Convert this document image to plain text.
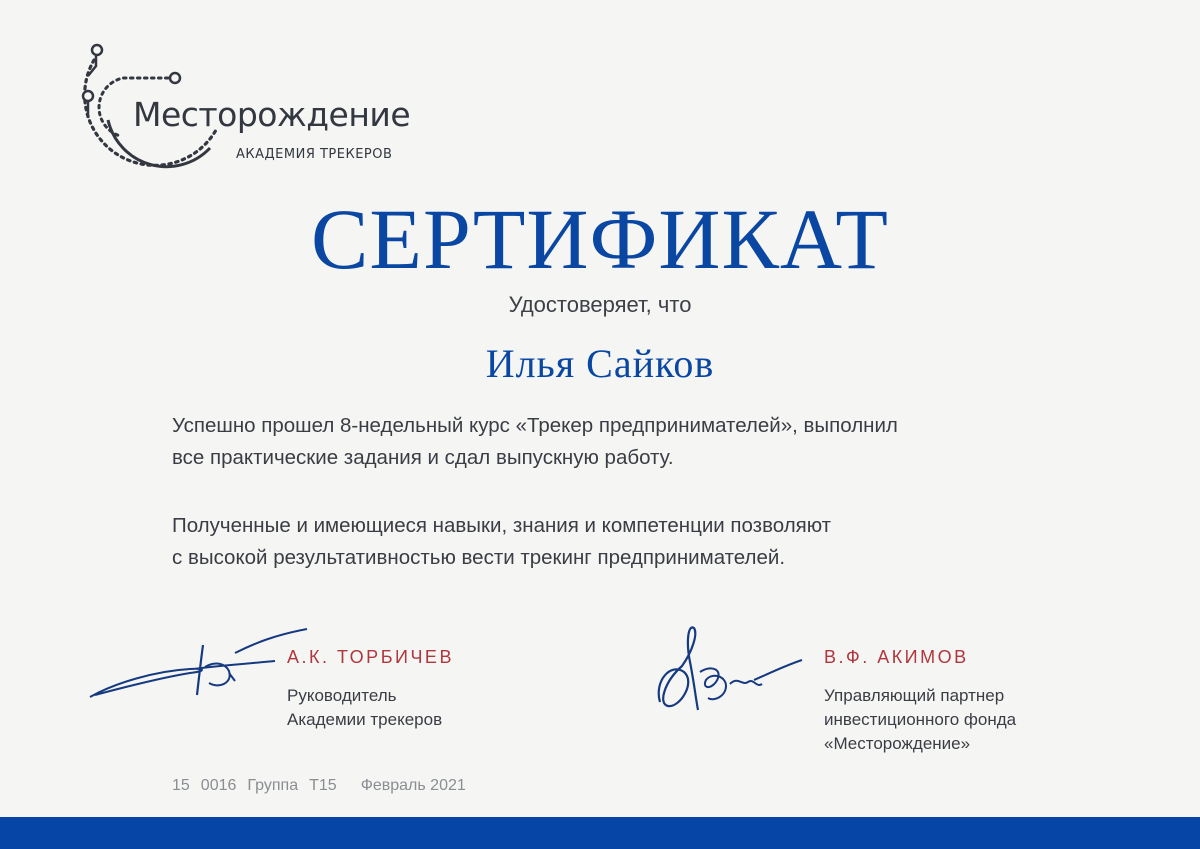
Месторождение
АКАДЕМИЯ ТРЕКЕРОВ
СЕРТИФИКАТ
Удостоверяет, что
Илья Сайков
Успешно прошел 8-недельный курс «Трекер предпринимателей», выполнил
все практические задания и сдал выпускную работу.
Полученные и имеющиеся навыки, знания и компетенции позволяют
с высокой результативностью вести трекинг предпринимателей.
А.К. ТОРБИЧЕВ
Руководитель
Академии трекеров
В.Ф. АКИМОВ
Управляющий партнер
инвестиционного фонда
«Месторождение»
15 0016 Группа T15 Февраль 2021
